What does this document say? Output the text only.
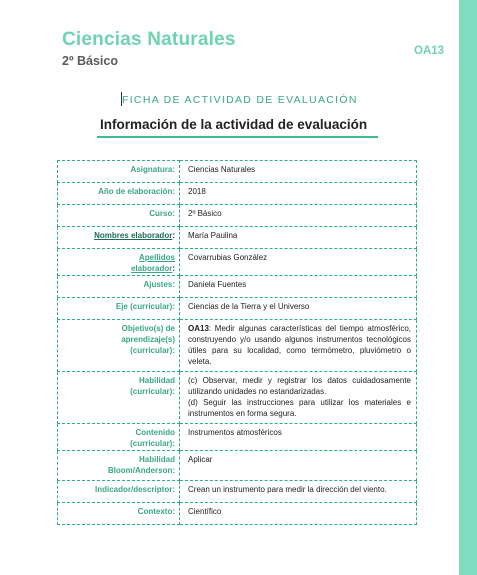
Ciencias Naturales
2º Básico
OA13
FICHA DE ACTIVIDAD DE EVALUACIÓN
Información de la actividad de evaluación
Asignatura:	Ciencias Naturales
Año de elaboración:	2018
Curso:	2º Básico
Nombres elaborador:	María Paulina

Apellidos
elaborador:	Covarrubias González
Ajustes:	Daniela Fuentes
Eje (curricular):	Ciencias de la Tierra y el Universo

Objetivo(s) de
aprendizaje(s)
(curricular):	OA13: Medir algunas características del tiempo atmosférico, construyendo y/o usando algunos instrumentos tecnológicos útiles para su localidad, como termómetro, pluviómetro o veleta.

Habilidad
(curricular):	(c) Observar, medir y registrar los datos cuidadosamente utilizando unidades no estandarizadas.
(d) Seguir las instrucciones para utilizar los materiales e instrumentos en forma segura.

Contenido
(curricular):	Instrumentos atmosféricos

Habilidad
Bloom/Anderson:	Aplicar
Indicador/descriptor:	Crean un instrumento para medir la dirección del viento.
Contexto:	Científico
